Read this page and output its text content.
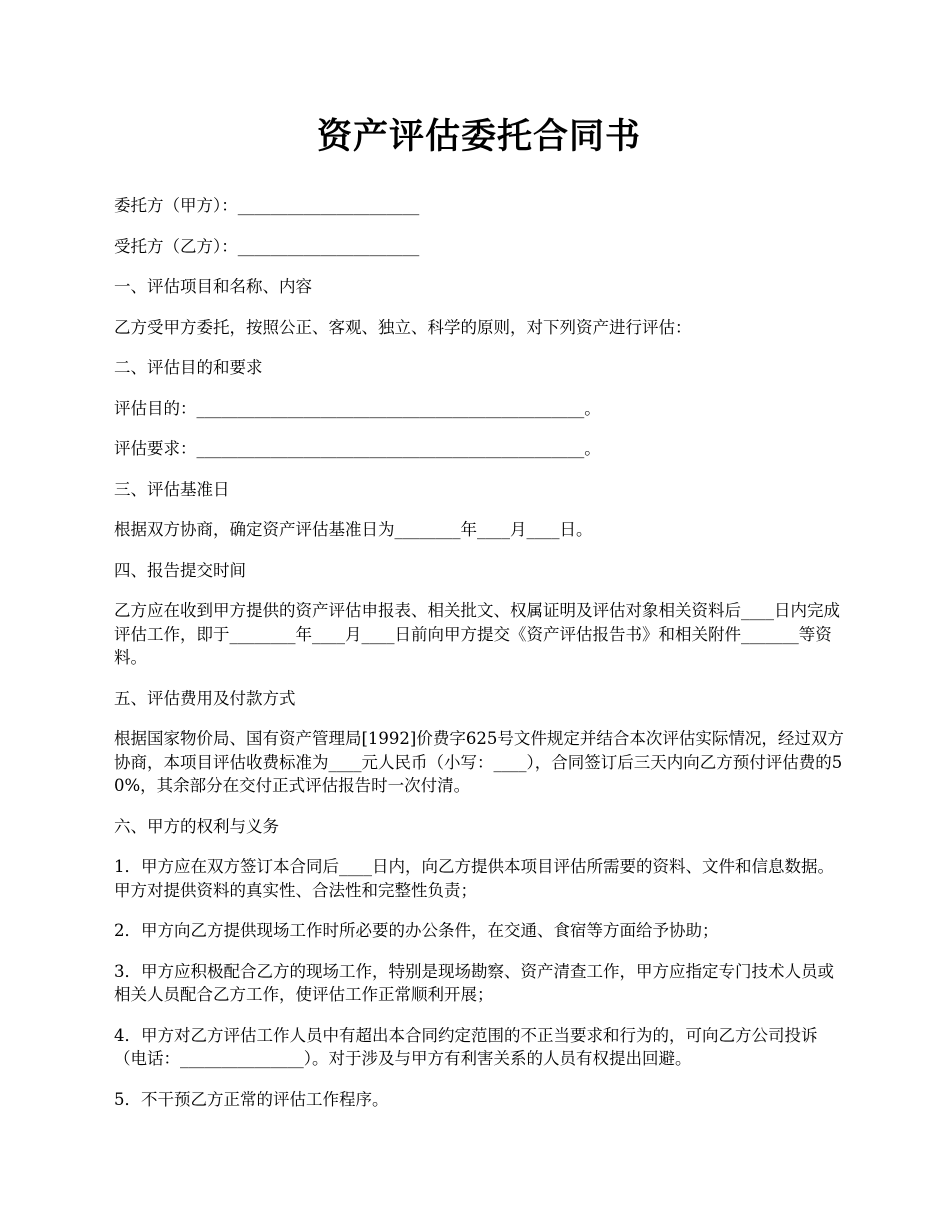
资产评估委托合同书

委托方（甲方）：______________________

受托方（乙方）：______________________

一、评估项目和名称、内容

乙方受甲方委托，按照公正、客观、独立、科学的原则，对下列资产进行评估：

二、评估目的和要求

评估目的：_______________________________________________。

评估要求：_______________________________________________。

三、评估基准日

根据双方协商，确定资产评估基准日为________年____月____日。

四、报告提交时间

乙方应在收到甲方提供的资产评估申报表、相关批文、权属证明及评估对象相关资料后____日内完成评估工作，即于________年____月____日前向甲方提交《资产评估报告书》和相关附件_______等资料。

五、评估费用及付款方式

根据国家物价局、国有资产管理局[1992]价费字625号文件规定并结合本次评估实际情况，经过双方协商，本项目评估收费标准为____元人民币（小写：____），合同签订后三天内向乙方预付评估费的50%，其余部分在交付正式评估报告时一次付清。

六、甲方的权利与义务

1．甲方应在双方签订本合同后____日内，向乙方提供本项目评估所需要的资料、文件和信息数据。甲方对提供资料的真实性、合法性和完整性负责；

2．甲方向乙方提供现场工作时所必要的办公条件，在交通、食宿等方面给予协助；

3．甲方应积极配合乙方的现场工作，特别是现场勘察、资产清查工作，甲方应指定专门技术人员或相关人员配合乙方工作，使评估工作正常顺利开展；

4．甲方对乙方评估工作人员中有超出本合同约定范围的不正当要求和行为的，可向乙方公司投诉（电话：_______________）。对于涉及与甲方有利害关系的人员有权提出回避。

5．不干预乙方正常的评估工作程序。
